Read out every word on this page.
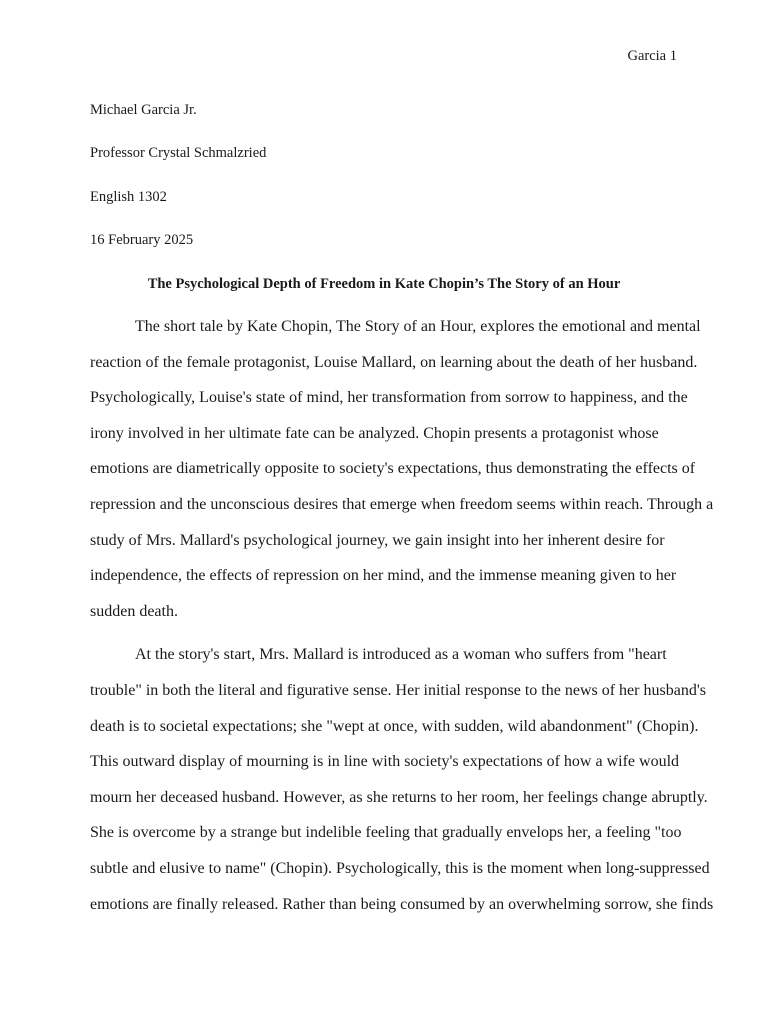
Garcia 1
Michael Garcia Jr.
Professor Crystal Schmalzried
English 1302
16 February 2025
The Psychological Depth of Freedom in Kate Chopin’s The Story of an Hour
The short tale by Kate Chopin, The Story of an Hour, explores the emotional and mental
reaction of the female protagonist, Louise Mallard, on learning about the death of her husband.
Psychologically, Louise's state of mind, her transformation from sorrow to happiness, and the
irony involved in her ultimate fate can be analyzed. Chopin presents a protagonist whose
emotions are diametrically opposite to society's expectations, thus demonstrating the effects of
repression and the unconscious desires that emerge when freedom seems within reach. Through a
study of Mrs. Mallard's psychological journey, we gain insight into her inherent desire for
independence, the effects of repression on her mind, and the immense meaning given to her
sudden death.
At the story's start, Mrs. Mallard is introduced as a woman who suffers from "heart
trouble" in both the literal and figurative sense. Her initial response to the news of her husband's
death is to societal expectations; she "wept at once, with sudden, wild abandonment" (Chopin).
This outward display of mourning is in line with society's expectations of how a wife would
mourn her deceased husband. However, as she returns to her room, her feelings change abruptly.
She is overcome by a strange but indelible feeling that gradually envelops her, a feeling "too
subtle and elusive to name" (Chopin). Psychologically, this is the moment when long-suppressed
emotions are finally released. Rather than being consumed by an overwhelming sorrow, she finds
